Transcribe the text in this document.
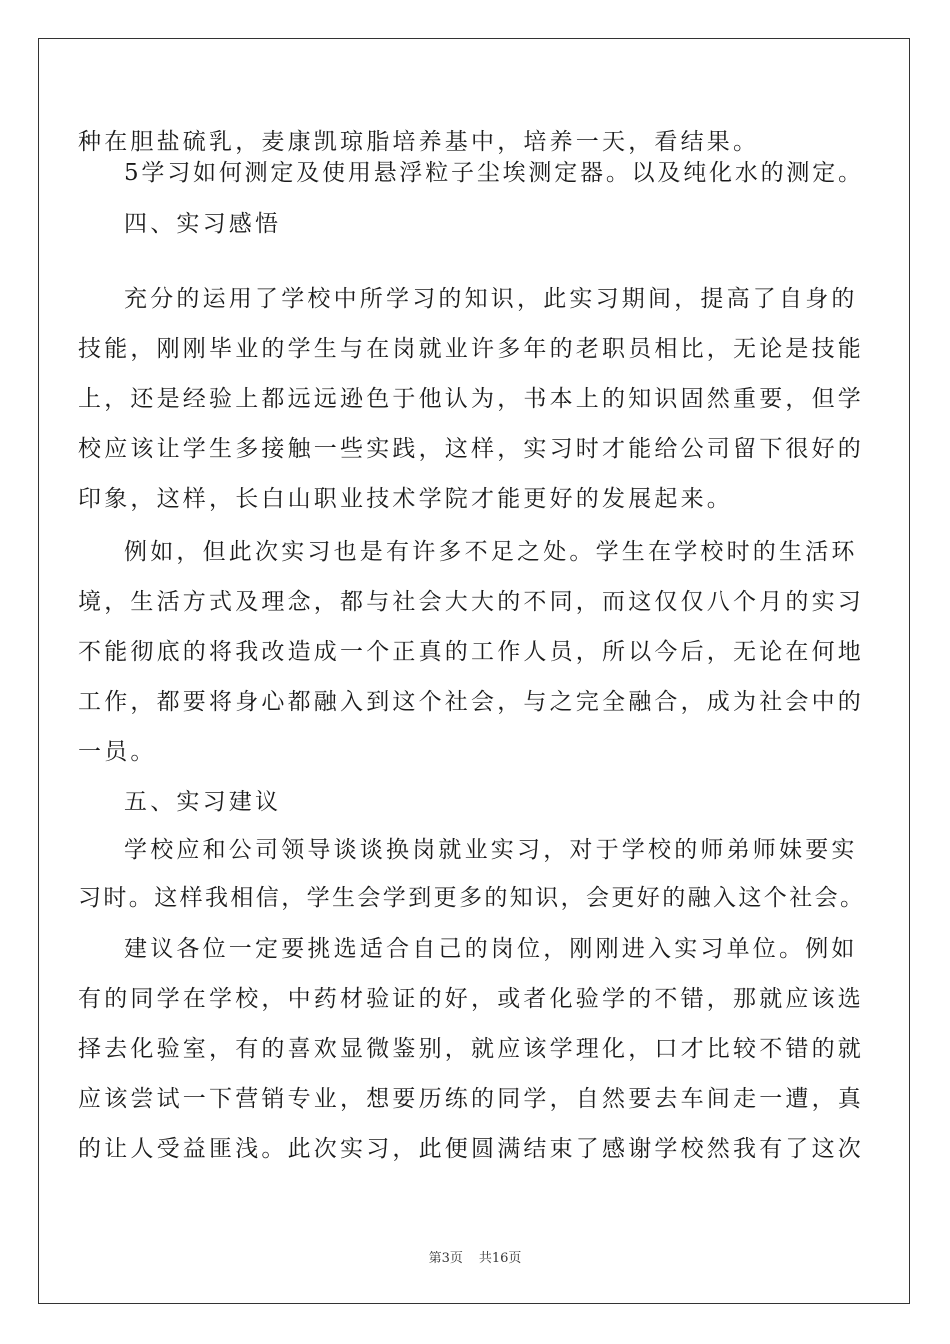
种在胆盐硫乳，麦康凯琼脂培养基中，培养一天，看结果。
5学习如何测定及使用悬浮粒子尘埃测定器。以及纯化水的测定。
四、实习感悟
充分的运用了学校中所学习的知识，此实习期间，提高了自身的
技能，刚刚毕业的学生与在岗就业许多年的老职员相比，无论是技能
上，还是经验上都远远逊色于他认为，书本上的知识固然重要，但学
校应该让学生多接触一些实践，这样，实习时才能给公司留下很好的
印象，这样，长白山职业技术学院才能更好的发展起来。
例如，但此次实习也是有许多不足之处。学生在学校时的生活环
境，生活方式及理念，都与社会大大的不同，而这仅仅八个月的实习
不能彻底的将我改造成一个正真的工作人员，所以今后，无论在何地
工作，都要将身心都融入到这个社会，与之完全融合，成为社会中的
一员。
五、实习建议
学校应和公司领导谈谈换岗就业实习，对于学校的师弟师妹要实
习时。这样我相信，学生会学到更多的知识，会更好的融入这个社会。
建议各位一定要挑选适合自己的岗位，刚刚进入实习单位。例如
有的同学在学校，中药材验证的好，或者化验学的不错，那就应该选
择去化验室，有的喜欢显微鉴别，就应该学理化，口才比较不错的就
应该尝试一下营销专业，想要历练的同学，自然要去车间走一遭，真
的让人受益匪浅。此次实习，此便圆满结束了感谢学校然我有了这次
第3页 共16页
